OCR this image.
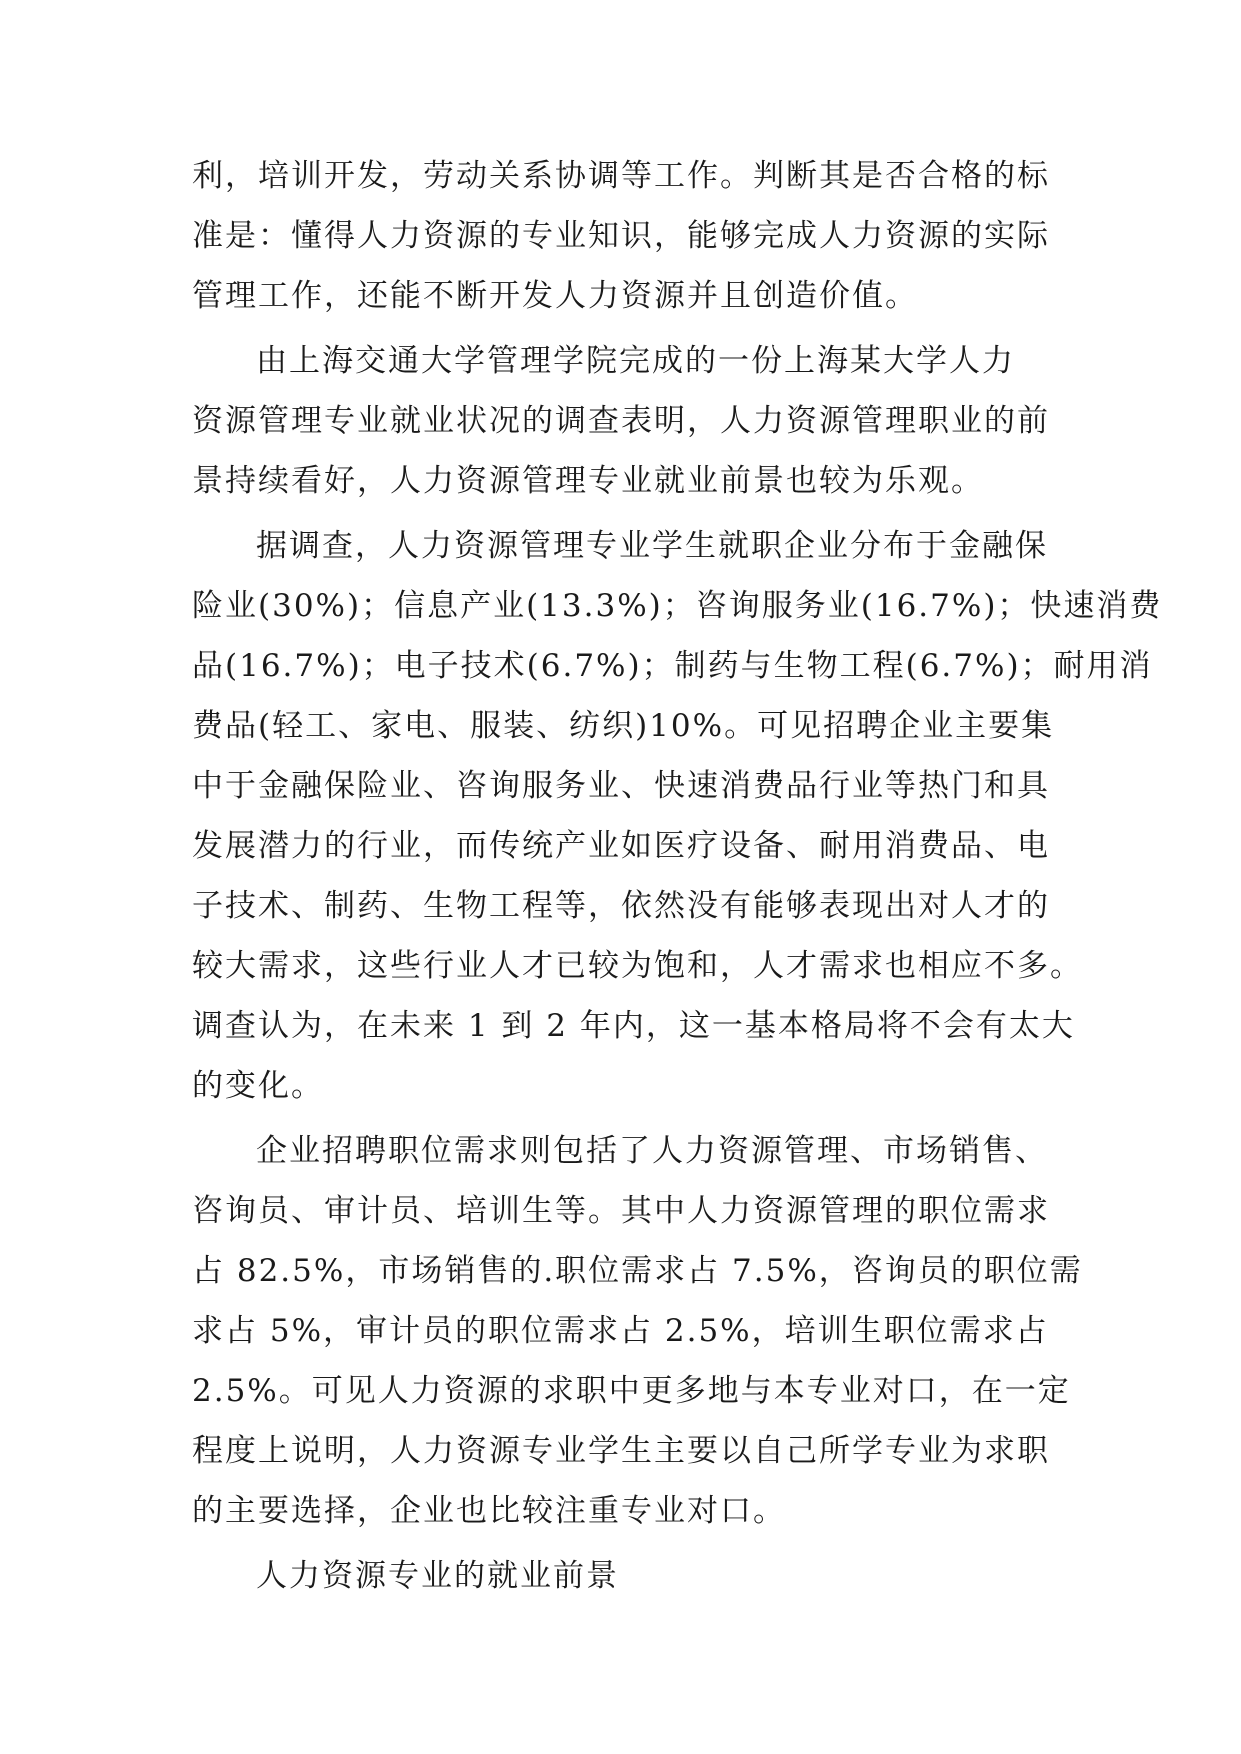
利，培训开发，劳动关系协调等工作。判断其是否合格的标

准是：懂得人力资源的专业知识，能够完成人力资源的实际

管理工作，还能不断开发人力资源并且创造价值。

由上海交通大学管理学院完成的一份上海某大学人力

资源管理专业就业状况的调查表明，人力资源管理职业的前

景持续看好，人力资源管理专业就业前景也较为乐观。

据调查，人力资源管理专业学生就职企业分布于金融保

险业(30%)；信息产业(13.3%)；咨询服务业(16.7%)；快速消费

品(16.7%)；电子技术(6.7%)；制药与生物工程(6.7%)；耐用消

费品(轻工、家电、服装、纺织)10%。可见招聘企业主要集

中于金融保险业、咨询服务业、快速消费品行业等热门和具

发展潜力的行业，而传统产业如医疗设备、耐用消费品、电

子技术、制药、生物工程等，依然没有能够表现出对人才的

较大需求，这些行业人才已较为饱和，人才需求也相应不多。

调查认为，在未来 1 到 2 年内，这一基本格局将不会有太大

的变化。

企业招聘职位需求则包括了人力资源管理、市场销售、

咨询员、审计员、培训生等。其中人力资源管理的职位需求

占 82.5%，市场销售的.职位需求占 7.5%，咨询员的职位需

求占 5%，审计员的职位需求占 2.5%，培训生职位需求占

2.5%。可见人力资源的求职中更多地与本专业对口，在一定

程度上说明，人力资源专业学生主要以自己所学专业为求职

的主要选择，企业也比较注重专业对口。

人力资源专业的就业前景
